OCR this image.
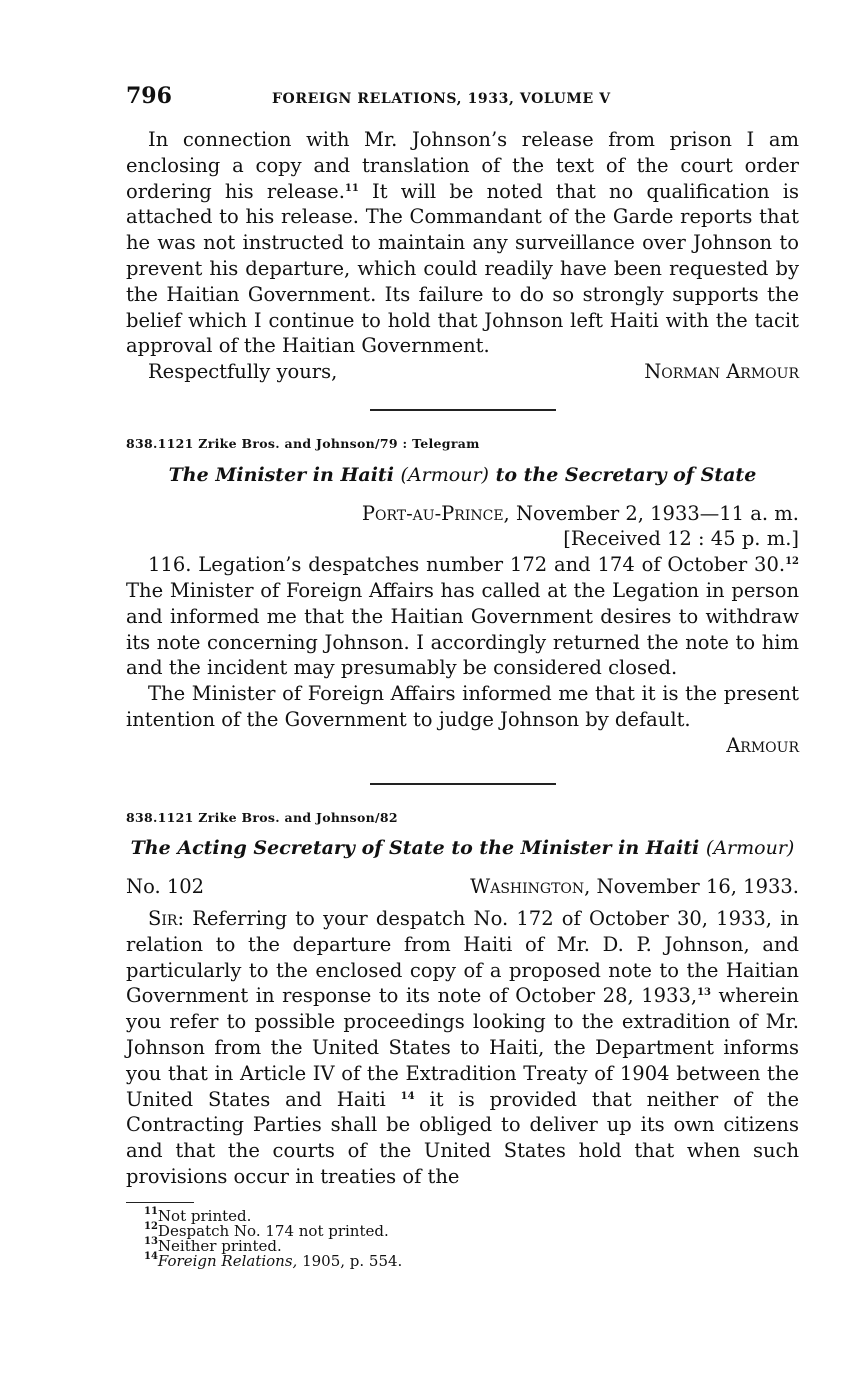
796	FOREIGN RELATIONS, 1933, VOLUME V

In connection with Mr. Johnson’s release from prison I am enclosing a copy and translation of the text of the court order ordering his release.$^{11}$ It will be noted that no qualification is attached to his release. The Commandant of the Garde reports that he was not instructed to maintain any surveillance over Johnson to prevent his departure, which could readily have been requested by the Haitian Government. Its failure to do so strongly supports the belief which I continue to hold that Johnson left Haiti with the tacit approval of the Haitian Government.

Respectfully yours,	Norman Armour

838.1121 Zrike Bros. and Johnson/79 : Telegram

The Minister in Haiti (Armour) to the Secretary of State

Port-au-Prince, November 2, 1933—11 a. m.
[Received 12 : 45 p. m.]

116. Legation’s despatches number 172 and 174 of October 30.12 The Minister of Foreign Affairs has called at the Legation in person and informed me that the Haitian Government desires to withdraw its note concerning Johnson. I accordingly returned the note to him and the incident may presumably be considered closed.

The Minister of Foreign Affairs informed me that it is the present intention of the Government to judge Johnson by default.

Armour

838.1121 Zrike Bros. and Johnson/82

The Acting Secretary of State to the Minister in Haiti (Armour)

No. 102	Washington, November 16, 1933.

Sir: Referring to your despatch No. 172 of October 30, 1933, in relation to the departure from Haiti of Mr. D. P. Johnson, and particularly to the enclosed copy of a proposed note to the Haitian Government in response to its note of October 28, 1933,13 wherein you refer to possible proceedings looking to the extradition of Mr. Johnson from the United States to Haiti, the Department informs you that in Article IV of the Extradition Treaty of 1904 between the United States and Haiti $^{14}$ it is provided that neither of the Contracting Parties shall be obliged to deliver up its own citizens and that the courts of the United States hold that when such provisions occur in treaties of the

$^{11}$Not printed.
$^{12}$Despatch No. 174 not printed.
$^{13}$Neither printed.
$^{14}$Foreign Relations, 1905, p. 554.
